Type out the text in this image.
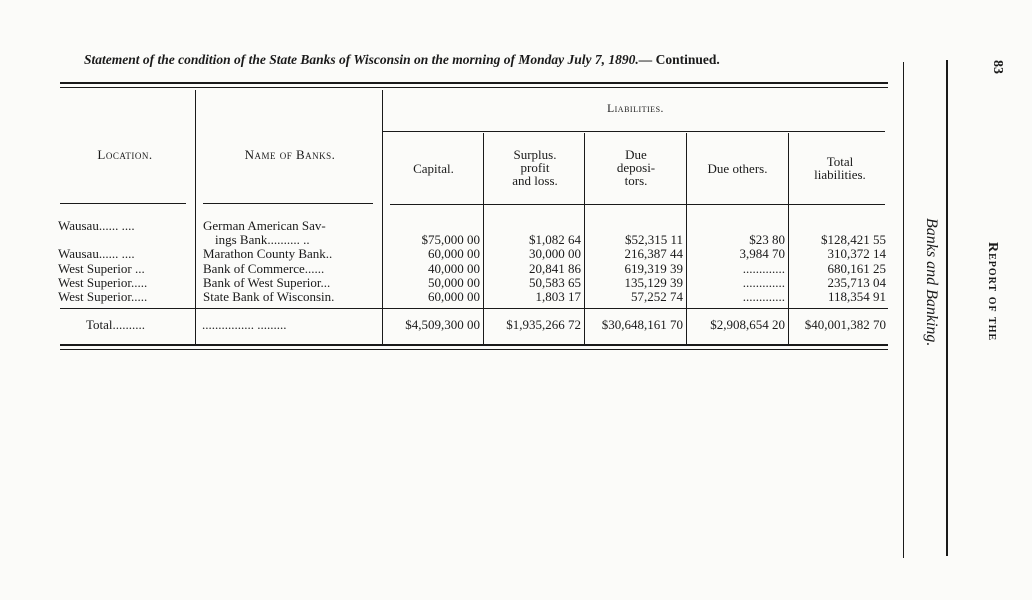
Statement of the condition of the State Banks of Wisconsin on the morning of Monday July 7, 1890.— Continued.
Location.	Name of Banks.
Liabilities.
Capital.
Surplus. profit and loss.
Due deposi- tors.
Due others.	Total liabilities.
Wausau...... ....	German American Sav-
ings Bank.......... ..	$75,000 00	$1,082 64	$52,315 11	$23 80	$128,421 55
Wausau...... ....	Marathon County Bank..	60,000 00	30,000 00	216,387 44	3,984 70	310,372 14
West Superior ...	Bank of Commerce......	40,000 00	20,841 86	619,319 39	.............	680,161 25
West Superior.....	Bank of West Superior...	50,000 00	50,583 65	135,129 39	.............	235,713 04
West Superior.....	State Bank of Wisconsin.	60,000 00	1,803 17	57,252 74	.............	118,354 91
Total..........	................ .........	$4,509,300 00	$1,935,266 72	$30,648,161 70	$2,908,654 20	$40,001,382 70
83
Report of the
Banks and Banking.
